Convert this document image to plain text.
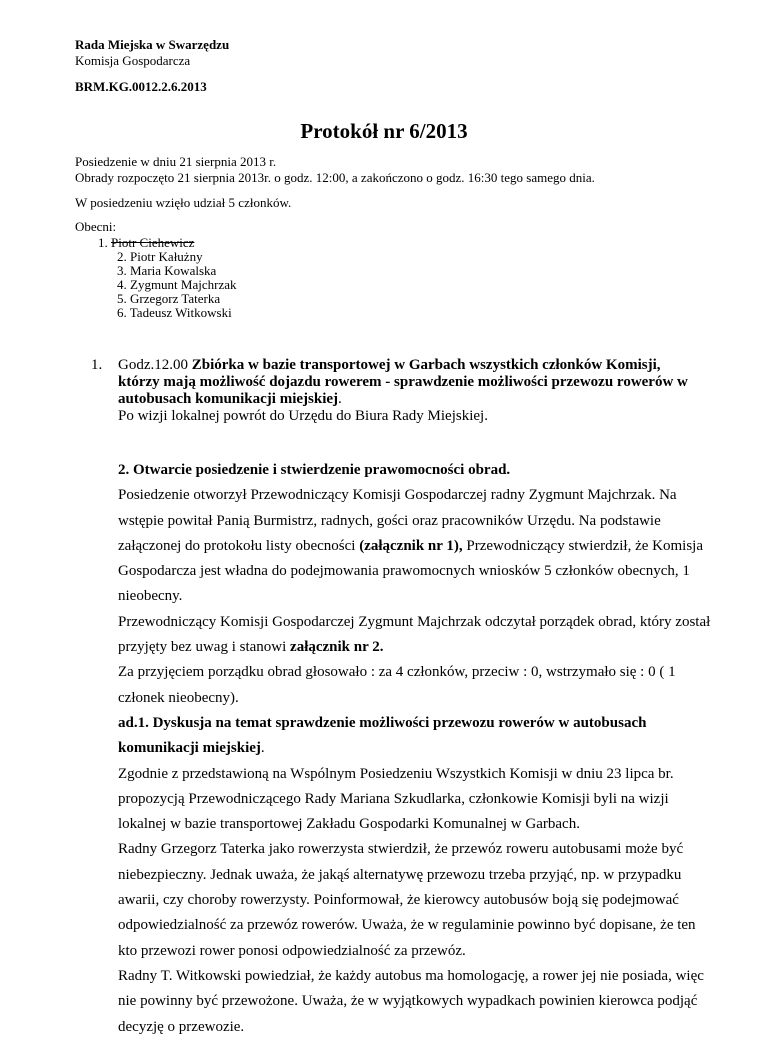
Rada Miejska w Swarzędzu
Komisja Gospodarcza
BRM.KG.0012.2.6.2013
Protokół nr 6/2013
Posiedzenie w dniu 21 sierpnia 2013 r.
Obrady rozpoczęto 21 sierpnia 2013r. o godz. 12:00, a zakończono o godz. 16:30 tego samego dnia.
W posiedzeniu wzięło udział 5 członków.
Obecni:
1. Piotr Ciehewicz
2. Piotr Kałużny
3. Maria Kowalska
4. Zygmunt Majchrzak
5. Grzegorz Taterka
6. Tadeusz Witkowski
1. Godz.12.00 Zbiórka w bazie transportowej w Garbach wszystkich członków Komisji, którzy mają możliwość dojazdu rowerem - sprawdzenie możliwości przewozu rowerów w autobusach komunikacji miejskiej.
Po wizji lokalnej powrót do Urzędu do Biura Rady Miejskiej.

2. Otwarcie posiedzenie i stwierdzenie prawomocności obrad.

Posiedzenie otworzył Przewodniczący Komisji Gospodarczej radny Zygmunt Majchrzak. Na wstępie powitał Panią Burmistrz, radnych, gości oraz pracowników Urzędu. Na podstawie załączonej do protokołu listy obecności (załącznik nr 1), Przewodniczący stwierdził, że Komisja Gospodarcza jest władna do podejmowania prawomocnych wniosków 5 członków obecnych, 1 nieobecny.

Przewodniczący Komisji Gospodarczej Zygmunt Majchrzak odczytał porządek obrad, który został przyjęty bez uwag i stanowi załącznik nr 2.

Za przyjęciem porządku obrad głosowało : za 4 członków, przeciw : 0, wstrzymało się : 0 ( 1 członek nieobecny).

ad.1. Dyskusja na temat sprawdzenie możliwości przewozu rowerów w autobusach komunikacji miejskiej.

Zgodnie z przedstawioną na Wspólnym Posiedzeniu Wszystkich Komisji w dniu 23 lipca br. propozycją Przewodniczącego Rady Mariana Szkudlarka, członkowie Komisji byli na wizji lokalnej w bazie transportowej Zakładu Gospodarki Komunalnej w Garbach.

Radny Grzegorz Taterka jako rowerzysta stwierdził, że przewóz roweru autobusami może być niebezpieczny. Jednak uważa, że jakąś alternatywę przewozu trzeba przyjąć, np. w przypadku awarii, czy choroby rowerzysty. Poinformował, że kierowcy autobusów boją się podejmować odpowiedzialność za przewóz rowerów. Uważa, że w regulaminie powinno być dopisane, że ten kto przewozi rower ponosi odpowiedzialność za przewóz.

Radny T. Witkowski powiedział, że każdy autobus ma homologację, a rower jej nie posiada, więc nie powinny być przewożone. Uważa, że w wyjątkowych wypadkach powinien kierowca podjąć decyzję o przewozie.
